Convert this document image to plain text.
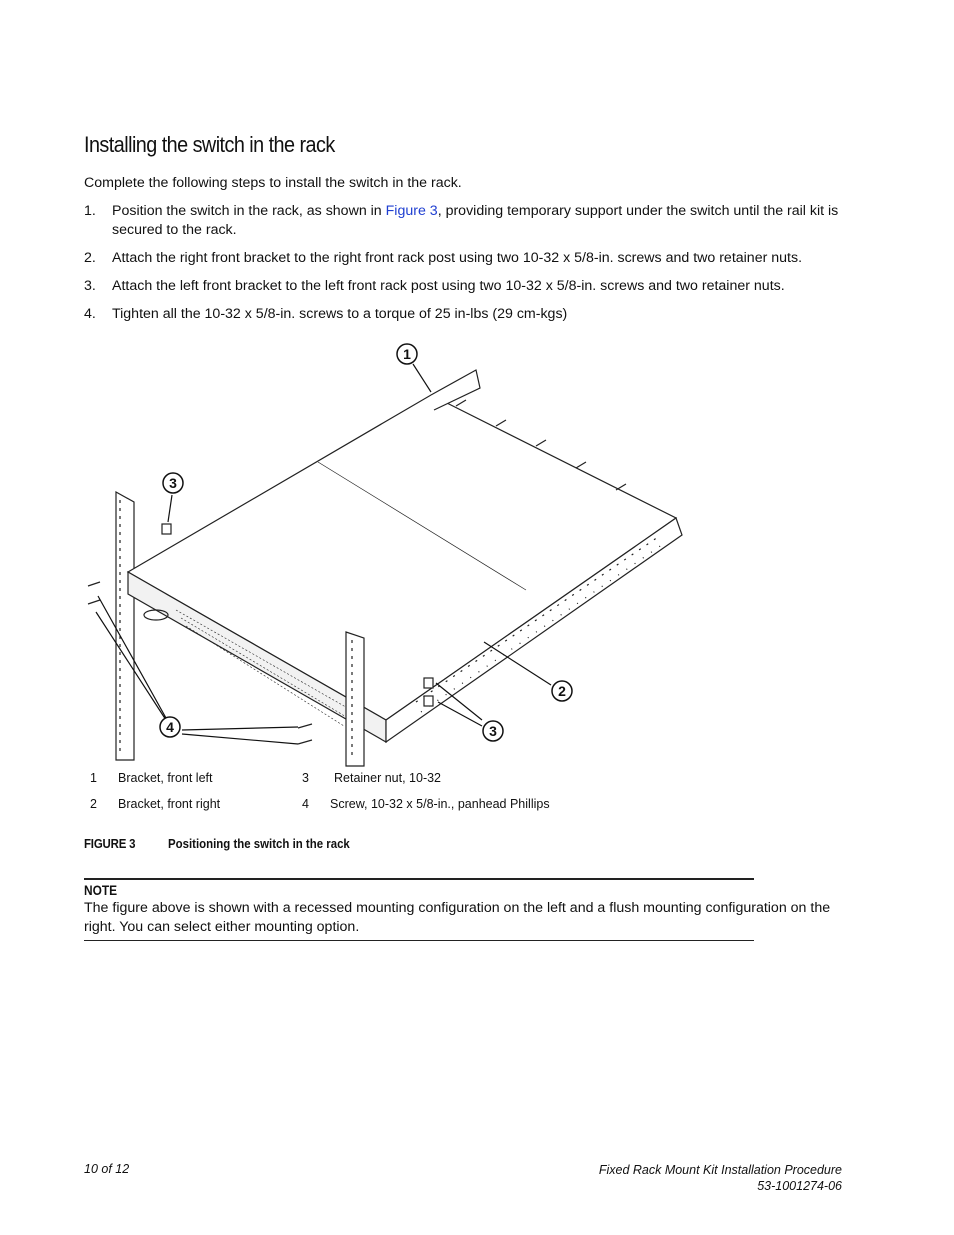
Installing the switch in the rack
Complete the following steps to install the switch in the rack.
1. Position the switch in the rack, as shown in Figure 3, providing temporary support under the switch until the rail kit is secured to the rack.
2. Attach the right front bracket to the right front rack post using two 10-32 x 5/8-in. screws and two retainer nuts.
3. Attach the left front bracket to the left front rack post using two 10-32 x 5/8-in. screws and two retainer nuts.
4. Tighten all the 10-32 x 5/8-in. screws to a torque of 25 in-lbs (29 cm-kgs)
1
2
3
3
4
1 Bracket, front left
2 Bracket, front right
3 Retainer nut, 10-32
4 Screw, 10-32 x 5/8-in., panhead Phillips
FIGURE 3	Positioning the switch in the rack
NOTE
The figure above is shown with a recessed mounting configuration on the left and a flush mounting configuration on the right. You can select either mounting option.
10 of 12	Fixed Rack Mount Kit Installation Procedure
53-1001274-06
